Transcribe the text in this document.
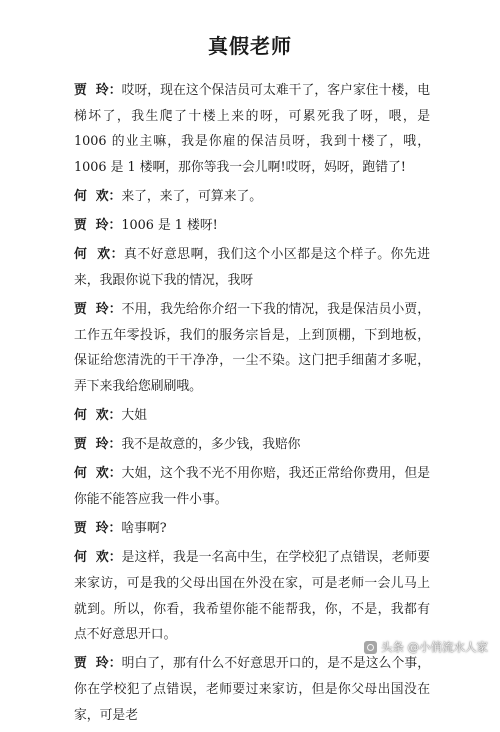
真假老师
贾  玲：哎呀，现在这个保洁员可太难干了，客户家住十楼，电梯坏了，我生爬了十楼上来的呀，可累死我了呀，喂，是 1006 的业主嘛，我是你雇的保洁员呀，我到十楼了，哦，1006 是 1 楼啊，那你等我一会儿啊!哎呀，妈呀，跑错了!
何  欢：来了，来了，可算来了。
贾  玲：1006 是 1 楼呀!
何  欢：真不好意思啊，我们这个小区都是这个样子。你先进来，我跟你说下我的情况，我呀
贾  玲：不用，我先给你介绍一下我的情况，我是保洁员小贾，工作五年零投诉，我们的服务宗旨是，上到顶棚，下到地板，保证给您清洗的干干净净，一尘不染。这门把手细菌才多呢，弄下来我给您刷刷哦。
何  欢：大姐
贾  玲：我不是故意的，多少钱，我赔你
何  欢：大姐，这个我不光不用你赔，我还正常给你费用，但是你能不能答应我一件小事。
贾  玲：啥事啊?
何  欢：是这样，我是一名高中生，在学校犯了点错误，老师要来家访，可是我的父母出国在外没在家，可是老师一会儿马上就到。所以，你看，我希望你能不能帮我，你，不是，我都有点不好意思开口。
贾  玲：明白了，那有什么不好意思开口的，是不是这么个事，你在学校犯了点错误，老师要过来家访，但是你父母出国没在家，可是老
头条 @小俏流水人家
